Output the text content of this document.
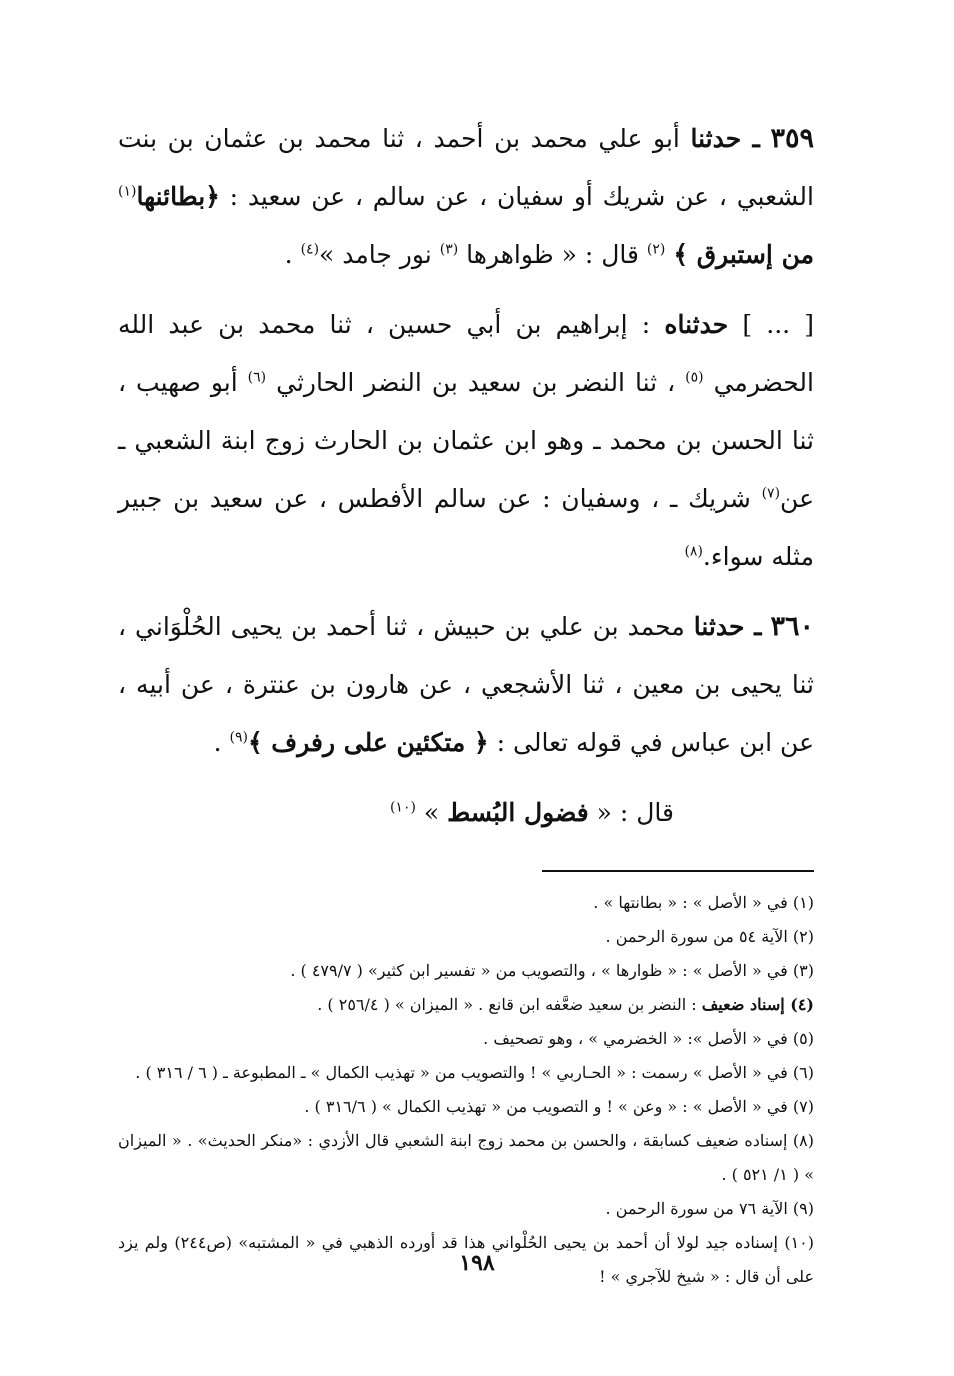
٣٥٩ ـ حدثنا أبو علي محمد بن أحمد ، ثنا محمد بن عثمان بن بنت الشعبي ، عن شريك أو سفيان ، عن سالم ، عن سعيد : ﴿بطائنها$^{(١)}$ من إستبرق ﴾ $^{(٢)}$ قال : « ظواهرها $^{(٣)}$ نور جامد »$^{(٤)}$ .

[ ... ] حدثناه : إبراهيم بن أبي حسين ، ثنا محمد بن عبد الله الحضرمي $^{(٥)}$ ، ثنا النضر بن سعيد بن النضر الحارثي $^{(٦)}$ أبو صهيب ، ثنا الحسن بن محمد ـ وهو ابن عثمان بن الحارث زوج ابنة الشعبي ـ عن$^{(٧)}$ شريك ـ ، وسفيان : عن سالم الأفطس ، عن سعيد بن جبير مثله سواء.$^{(٨)}$

٣٦٠ ـ حدثنا محمد بن علي بن حبيش ، ثنا أحمد بن يحيى الحُلْوَاني ، ثنا يحيى بن معين ، ثنا الأشجعي ، عن هارون بن عنترة ، عن أبيه ، عن ابن عباس في قوله تعالى : ﴿ متكئين على رفرف ﴾$^{(٩)}$ .

قال : « فضول البُسط » $^{(١٠)}$

(١) في « الأصل » : « بطانتها » .

(٢) الآية ٥٤ من سورة الرحمن .

(٣) في « الأصل » : « ظوارها » ، والتصويب من « تفسير ابن كثير» ( ٤٧٩/٧ ) .

(٤) إسناد ضعيف : النضر بن سعيد ضعَّفه ابن قانع . « الميزان » ( ٢٥٦/٤ ) .

(٥) في « الأصل »: « الخضرمي » ، وهو تصحيف .

(٦) في « الأصل » رسمت : « الحـاربي » ! والتصويب من « تهذيب الكمال » ـ المطبوعة ـ ( ٦ / ٣١٦ ) .

(٧) في « الأصل » : « وعن » ! و التصويب من « تهذيب الكمال » ( ٣١٦/٦ ) .

(٨) إسناده ضعيف كسابقة ، والحسن بن محمد زوج ابنة الشعبي قال الأزدي : «منكر الحديث» . « الميزان » ( ١/ ٥٢١ ) .

(٩) الآية ٧٦ من سورة الرحمن .

(١٠) إسناده جيد لولا أن أحمد بن يحيى الحُلْواني هذا قد أورده الذهبي في « المشتبه» (ص٢٤٤) ولم يزد على أن قال : « شيخ للآجري » !

١٩٨
